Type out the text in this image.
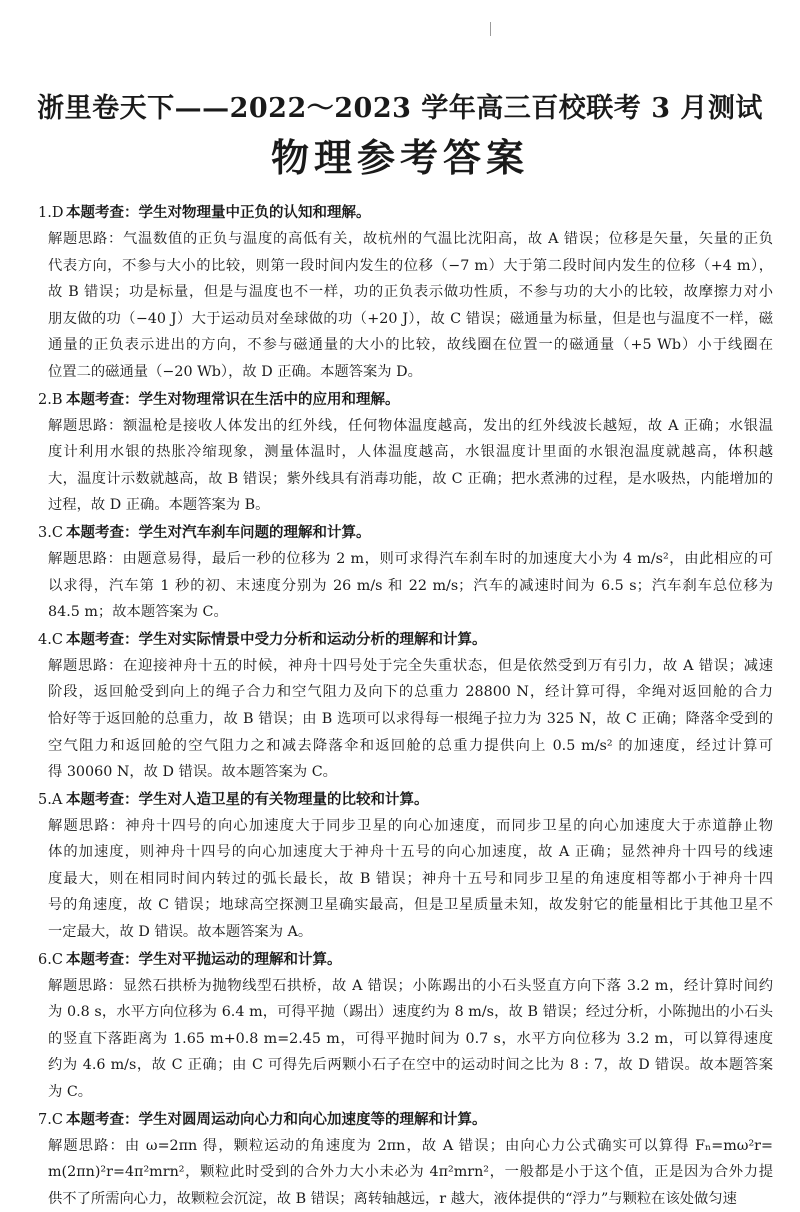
浙里卷天下——2022～2023 学年高三百校联考 3 月测试
物理参考答案
1.D 本题考查：学生对物理量中正负的认知和理解。
解题思路：气温数值的正负与温度的高低有关，故杭州的气温比沈阳高，故 A 错误；位移是矢量，矢量的正负
代表方向，不参与大小的比较，则第一段时间内发生的位移（−7 m）大于第二段时间内发生的位移（+4 m），
故 B 错误；功是标量，但是与温度也不一样，功的正负表示做功性质，不参与功的大小的比较，故摩擦力对小
朋友做的功（−40 J）大于运动员对垒球做的功（+20 J），故 C 错误；磁通量为标量，但是也与温度不一样，磁
通量的正负表示进出的方向，不参与磁通量的大小的比较，故线圈在位置一的磁通量（+5 Wb）小于线圈在
位置二的磁通量（−20 Wb），故 D 正确。本题答案为 D。
2.B 本题考查：学生对物理常识在生活中的应用和理解。
解题思路：额温枪是接收人体发出的红外线，任何物体温度越高，发出的红外线波长越短，故 A 正确；水银温
度计利用水银的热胀冷缩现象，测量体温时，人体温度越高，水银温度计里面的水银泡温度就越高，体积越
大，温度计示数就越高，故 B 错误；紫外线具有消毒功能，故 C 正确；把水煮沸的过程，是水吸热，内能增加的
过程，故 D 正确。本题答案为 B。
3.C 本题考查：学生对汽车刹车问题的理解和计算。
解题思路：由题意易得，最后一秒的位移为 2 m，则可求得汽车刹车时的加速度大小为 4 m/s²，由此相应的可
以求得，汽车第 1 秒的初、末速度分别为 26 m/s 和 22 m/s；汽车的减速时间为 6.5 s；汽车刹车总位移为
84.5 m；故本题答案为 C。
4.C 本题考查：学生对实际情景中受力分析和运动分析的理解和计算。
解题思路：在迎接神舟十五的时候，神舟十四号处于完全失重状态，但是依然受到万有引力，故 A 错误；减速
阶段，返回舱受到向上的绳子合力和空气阻力及向下的总重力 28800 N，经计算可得，伞绳对返回舱的合力
恰好等于返回舱的总重力，故 B 错误；由 B 选项可以求得每一根绳子拉力为 325 N，故 C 正确；降落伞受到的
空气阻力和返回舱的空气阻力之和减去降落伞和返回舱的总重力提供向上 0.5 m/s² 的加速度，经过计算可
得 30060 N，故 D 错误。故本题答案为 C。
5.A 本题考查：学生对人造卫星的有关物理量的比较和计算。
解题思路：神舟十四号的向心加速度大于同步卫星的向心加速度，而同步卫星的向心加速度大于赤道静止物
体的加速度，则神舟十四号的向心加速度大于神舟十五号的向心加速度，故 A 正确；显然神舟十四号的线速
度最大，则在相同时间内转过的弧长最长，故 B 错误；神舟十五号和同步卫星的角速度相等都小于神舟十四
号的角速度，故 C 错误；地球高空探测卫星确实最高，但是卫星质量未知，故发射它的能量相比于其他卫星不
一定最大，故 D 错误。故本题答案为 A。
6.C 本题考查：学生对平抛运动的理解和计算。
解题思路：显然石拱桥为抛物线型石拱桥，故 A 错误；小陈踢出的小石头竖直方向下落 3.2 m，经计算时间约
为 0.8 s，水平方向位移为 6.4 m，可得平抛（踢出）速度约为 8 m/s，故 B 错误；经过分析，小陈抛出的小石头
的竖直下落距离为 1.65 m+0.8 m=2.45 m，可得平抛时间为 0.7 s，水平方向位移为 3.2 m，可以算得速度
约为 4.6 m/s，故 C 正确；由 C 可得先后两颗小石子在空中的运动时间之比为 8 : 7，故 D 错误。故本题答案
为 C。
7.C 本题考查：学生对圆周运动向心力和向心加速度等的理解和计算。
解题思路：由 ω=2πn 得，颗粒运动的角速度为 2πn，故 A 错误；由向心力公式确实可以算得 Fₙ=mω²r=
m(2πn)²r=4π²mrn²，颗粒此时受到的合外力大小未必为 4π²mrn²，一般都是小于这个值，正是因为合外力提
供不了所需向心力，故颗粒会沉淀，故 B 错误；离转轴越远，r 越大，液体提供的“浮力”与颗粒在该处做匀速
